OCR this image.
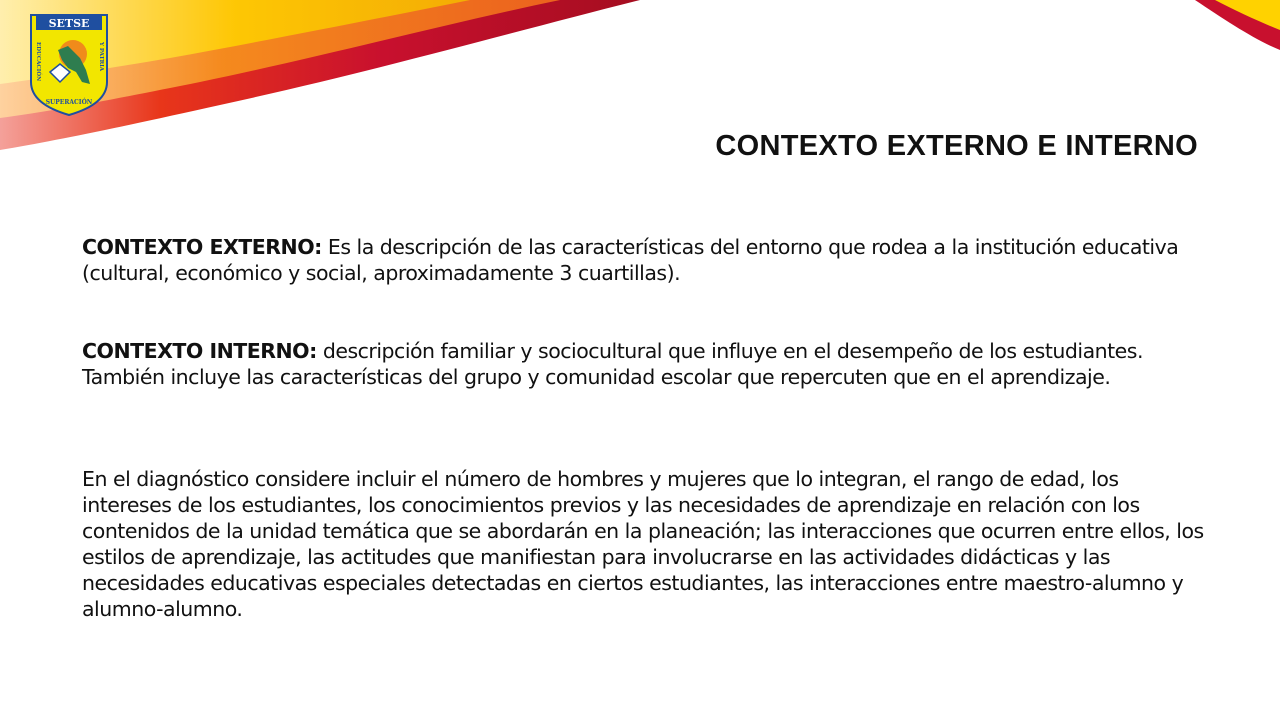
SETSE
EDUCACIÓN	Y PATRIA
SUPERACIÓN
CONTEXTO EXTERNO E INTERNO

CONTEXTO EXTERNO: Es la descripción de las características del entorno que rodea a la institución educativa (cultural, económico y social, aproximadamente 3 cuartillas).

CONTEXTO INTERNO: descripción familiar y sociocultural que influye en el desempeño de los estudiantes. También incluye las características del grupo y comunidad escolar que repercuten que en el aprendizaje.

En el diagnóstico considere incluir el número de hombres y mujeres que lo integran, el rango de edad, los intereses de los estudiantes, los conocimientos previos y las necesidades de aprendizaje en relación con los contenidos de la unidad temática que se abordarán en la planeación; las interacciones que ocurren entre ellos, los estilos de aprendizaje, las actitudes que manifiestan para involucrarse en las actividades didácticas y las necesidades educativas especiales detectadas en ciertos estudiantes, las interacciones entre maestro-alumno y alumno-alumno.
